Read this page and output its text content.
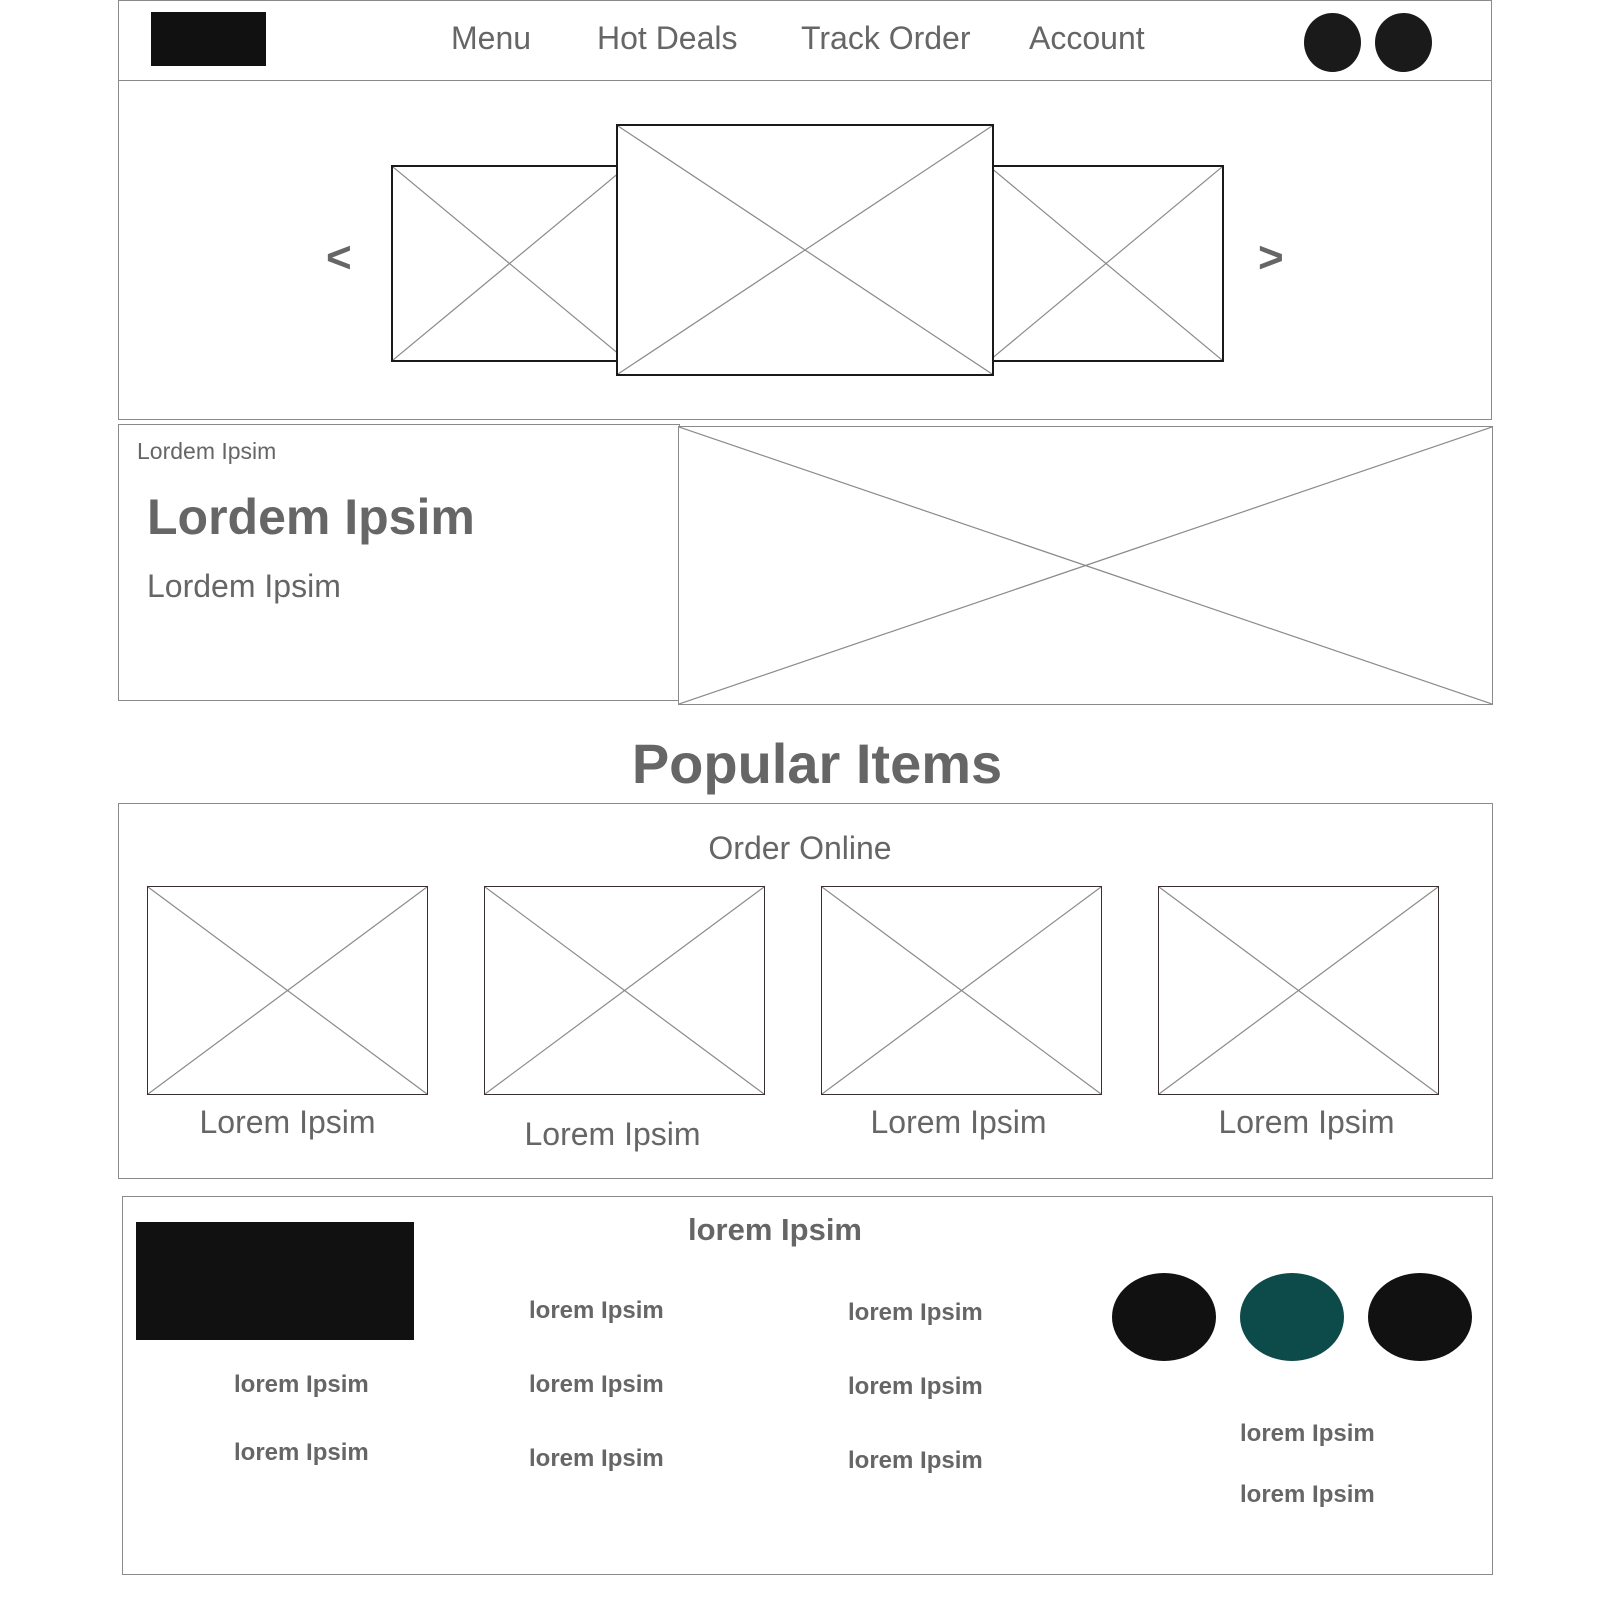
Menu Hot Deals Track Order Account
<	>
Lordem Ipsim
Lordem Ipsim
Lordem Ipsim
Popular Items
Order Online
Lorem Ipsim	Lorem Ipsim	Lorem Ipsim	Lorem Ipsim
lorem Ipsim
lorem Ipsim
lorem Ipsim
lorem Ipsim
lorem Ipsim
lorem Ipsim
lorem Ipsim
lorem Ipsim
lorem Ipsim
lorem Ipsim
lorem Ipsim
